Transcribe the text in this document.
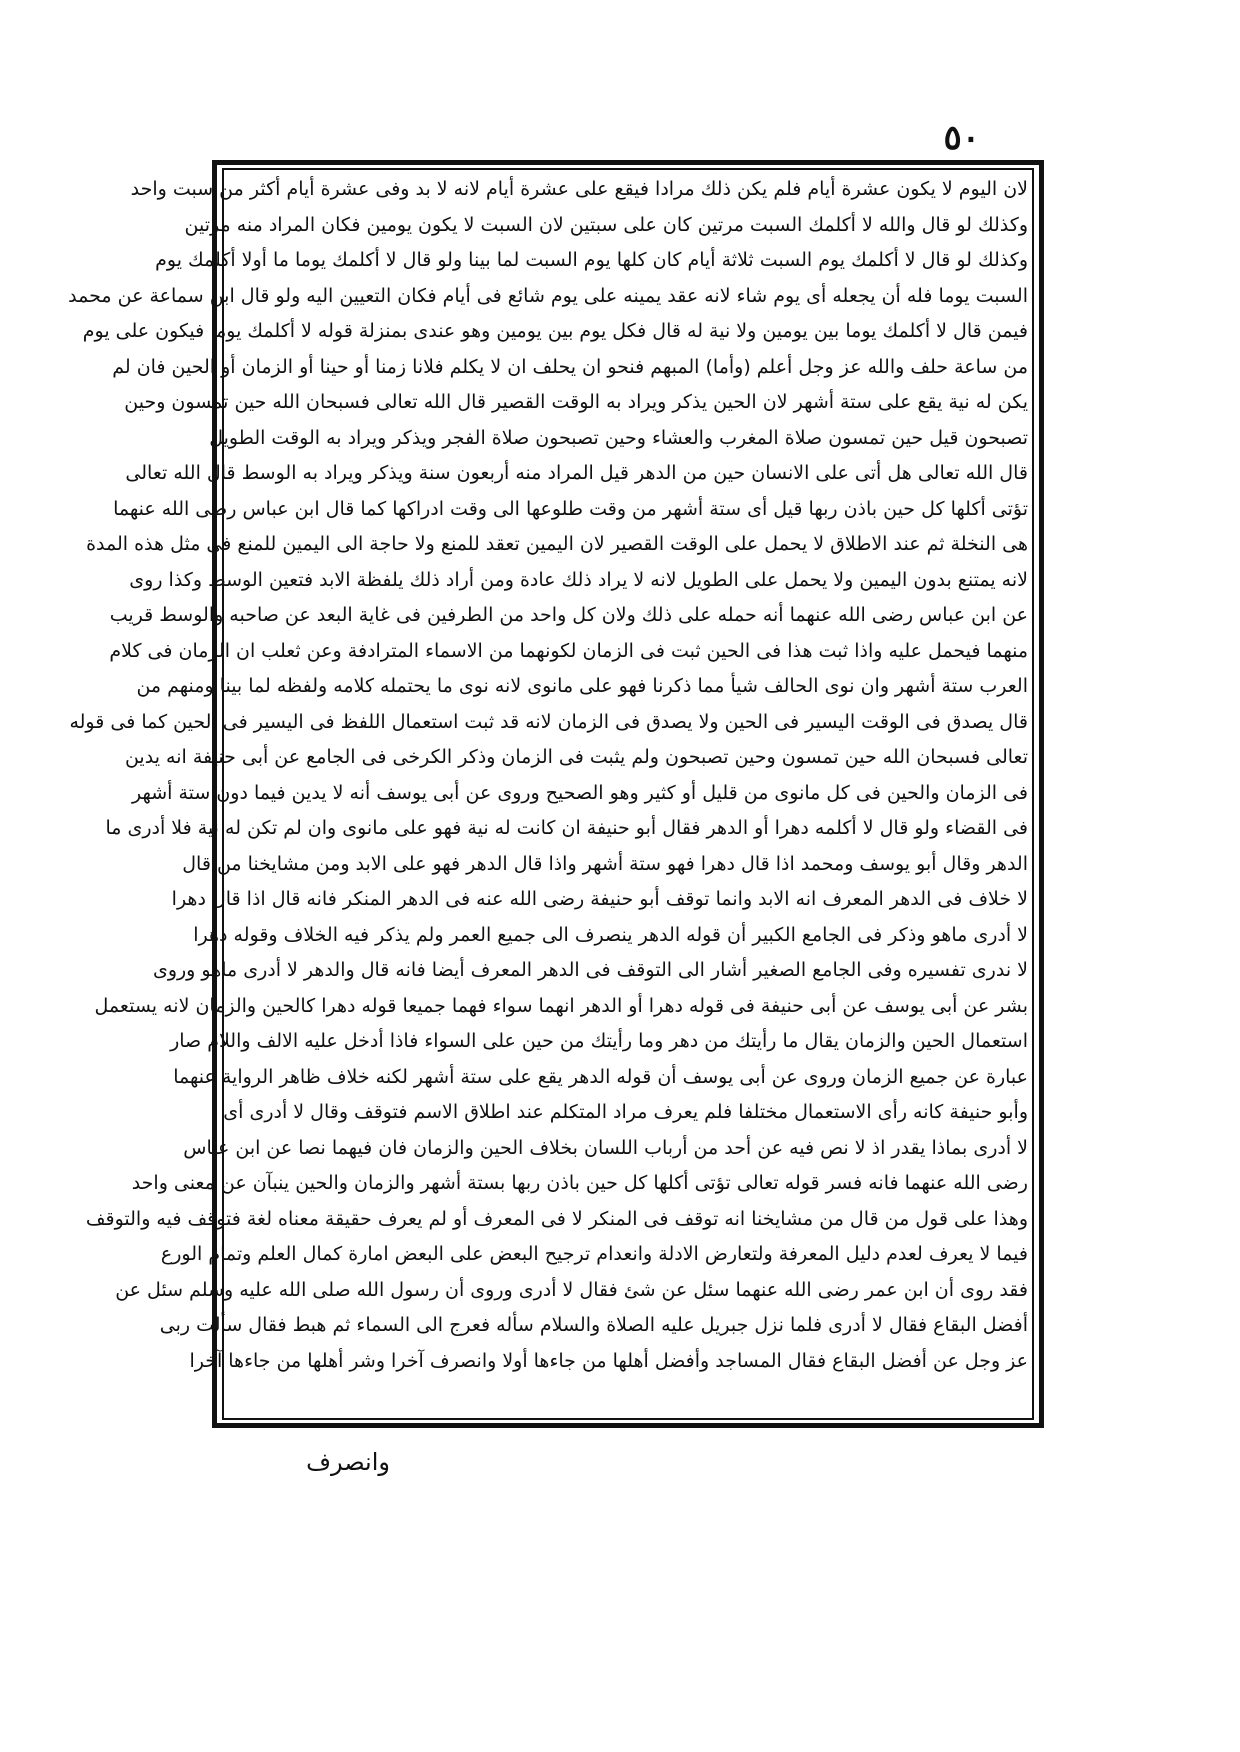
٥٠
لان اليوم لا يكون عشرة أيام فلم يكن ذلك مرادا فيقع على عشرة أيام لانه لا بد وفى عشرة أيام أكثر من سبت واحد
وكذلك لو قال والله لا أكلمك السبت مرتين كان على سبتين لان السبت لا يكون يومين فكان المراد منه مرتين
وكذلك لو قال لا أكلمك يوم السبت ثلاثة أيام كان كلها يوم السبت لما بينا ولو قال لا أكلمك يوما ما أولا أكلمك يوم
السبت يوما فله أن يجعله أى يوم شاء لانه عقد يمينه على يوم شائع فى أيام فكان التعيين اليه ولو قال ابن سماعة عن محمد
فيمن قال لا أكلمك يوما بين يومين ولا نية له قال فكل يوم بين يومين وهو عندى بمنزلة قوله لا أكلمك يوما فيكون على يوم
من ساعة حلف والله عز وجل أعلم (وأما) المبهم فنحو ان يحلف ان لا يكلم فلانا زمنا أو حينا أو الزمان أو الحين فان لم
يكن له نية يقع على ستة أشهر لان الحين يذكر ويراد به الوقت القصير قال الله تعالى فسبحان الله حين تمسون وحين
تصبحون قيل حين تمسون صلاة المغرب والعشاء وحين تصبحون صلاة الفجر ويذكر ويراد به الوقت الطويل
قال الله تعالى هل أتى على الانسان حين من الدهر قيل المراد منه أربعون سنة ويذكر ويراد به الوسط قال الله تعالى
تؤتى أكلها كل حين باذن ربها قيل أى ستة أشهر من وقت طلوعها الى وقت ادراكها كما قال ابن عباس رضى الله عنهما
هى النخلة ثم عند الاطلاق لا يحمل على الوقت القصير لان اليمين تعقد للمنع ولا حاجة الى اليمين للمنع فى مثل هذه المدة
لانه يمتنع بدون اليمين ولا يحمل على الطويل لانه لا يراد ذلك عادة ومن أراد ذلك يلفظة الابد فتعين الوسط وكذا روى
عن ابن عباس رضى الله عنهما أنه حمله على ذلك ولان كل واحد من الطرفين فى غاية البعد عن صاحبه والوسط قريب
منهما فيحمل عليه واذا ثبت هذا فى الحين ثبت فى الزمان لكونهما من الاسماء المترادفة وعن ثعلب ان الزمان فى كلام
العرب ستة أشهر وان نوى الحالف شيأ مما ذكرنا فهو على مانوى لانه نوى ما يحتمله كلامه ولفظه لما بينا ومنهم من
قال يصدق فى الوقت اليسير فى الحين ولا يصدق فى الزمان لانه قد ثبت استعمال اللفظ فى اليسير فى الحين كما فى قوله
تعالى فسبحان الله حين تمسون وحين تصبحون ولم يثبت فى الزمان وذكر الكرخى فى الجامع عن أبى حنيفة انه يدين
فى الزمان والحين فى كل مانوى من قليل أو كثير وهو الصحيح وروى عن أبى يوسف أنه لا يدين فيما دون ستة أشهر
فى القضاء ولو قال لا أكلمه دهرا أو الدهر فقال أبو حنيفة ان كانت له نية فهو على مانوى وان لم تكن له نية فلا أدرى ما
الدهر وقال أبو يوسف ومحمد اذا قال دهرا فهو ستة أشهر واذا قال الدهر فهو على الابد ومن مشايخنا من قال
لا خلاف فى الدهر المعرف انه الابد وانما توقف أبو حنيفة رضى الله عنه فى الدهر المنكر فانه قال اذا قال دهرا
لا أدرى ماهو وذكر فى الجامع الكبير أن قوله الدهر ينصرف الى جميع العمر ولم يذكر فيه الخلاف وقوله دهرا
لا ندرى تفسيره وفى الجامع الصغير أشار الى التوقف فى الدهر المعرف أيضا فانه قال والدهر لا أدرى ماهو وروى
بشر عن أبى يوسف عن أبى حنيفة فى قوله دهرا أو الدهر انهما سواء فهما جميعا قوله دهرا كالحين والزمان لانه يستعمل
استعمال الحين والزمان يقال ما رأيتك من دهر وما رأيتك من حين على السواء فاذا أدخل عليه الالف واللام صار
عبارة عن جميع الزمان وروى عن أبى يوسف أن قوله الدهر يقع على ستة أشهر لكنه خلاف ظاهر الرواية عنهما
وأبو حنيفة كانه رأى الاستعمال مختلفا فلم يعرف مراد المتكلم عند اطلاق الاسم فتوقف وقال لا أدرى أى
لا أدرى بماذا يقدر اذ لا نص فيه عن أحد من أرباب اللسان بخلاف الحين والزمان فان فيهما نصا عن ابن عباس
رضى الله عنهما فانه فسر قوله تعالى تؤتى أكلها كل حين باذن ربها بستة أشهر والزمان والحين ينبآن عن معنى واحد
وهذا على قول من قال من مشايخنا انه توقف فى المنكر لا فى المعرف أو لم يعرف حقيقة معناه لغة فتوقف فيه والتوقف
فيما لا يعرف لعدم دليل المعرفة ولتعارض الادلة وانعدام ترجيح البعض على البعض امارة كمال العلم وتمام الورع
فقد روى أن ابن عمر رضى الله عنهما سئل عن شئ فقال لا أدرى وروى أن رسول الله صلى الله عليه وسلم سئل عن
أفضل البقاع فقال لا أدرى فلما نزل جبريل عليه الصلاة والسلام سأله فعرج الى السماء ثم هبط فقال سألت ربى
عز وجل عن أفضل البقاع فقال المساجد وأفضل أهلها من جاءها أولا وانصرف آخرا وشر أهلها من جاءها آخرا
وانصرف
